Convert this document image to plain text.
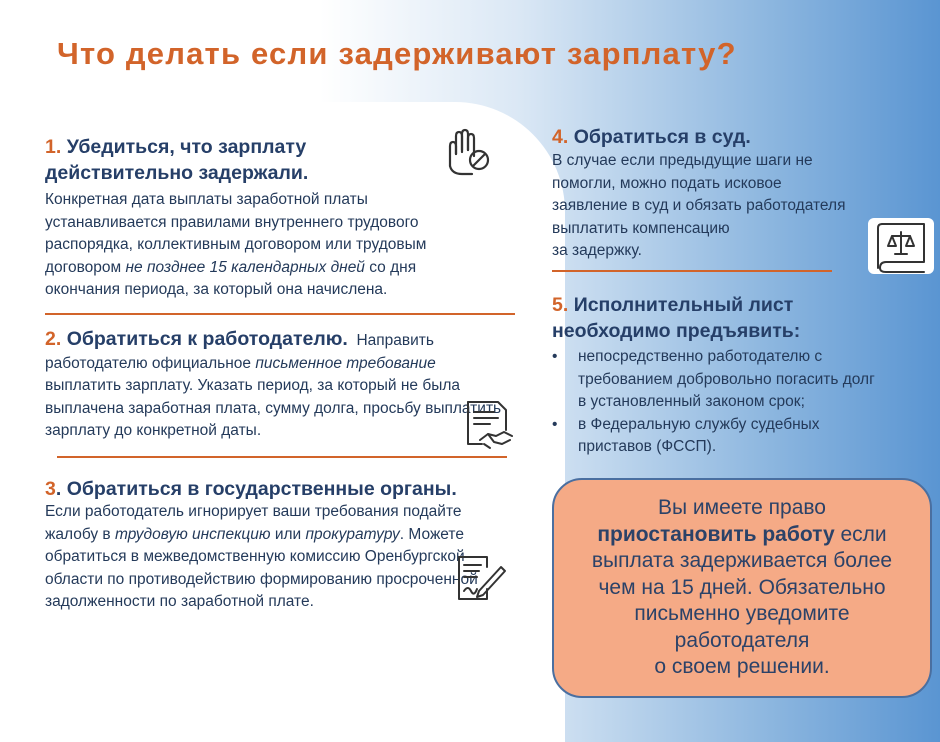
Что делать если задерживают зарплату?
1. Убедиться, что зарплату действительно задержали.
Конкретная дата выплаты заработной платы устанавливается правилами внутреннего трудового распорядка, коллективным договором или трудовым договором не позднее 15 календарных дней со дня окончания периода, за который она начислена.
2. Обратиться к работодателю. Направить работодателю официальное письменное требование выплатить зарплату. Указать период, за который не была выплачена заработная плата, сумму долга, просьбу выплатить зарплату до конкретной даты.
3. Обратиться в государственные органы.
Если работодатель игнорирует ваши требования подайте жалобу в трудовую инспекцию или прокуратуру. Можете обратиться в межведомственную комиссию Оренбургской области по противодействию формированию просроченной задолженности по заработной плате.
4. Обратиться в суд.
В случае если предыдущие шаги не
помогли, можно подать исковое
заявление в суд и обязать работодателя
выплатить компенсацию
за задержку.
5. Исполнительный лист необходимо предъявить:
• непосредственно работодателю с требованием добровольно погасить долг в установленный законом срок;
• в Федеральную службу судебных приставов (ФССП).
Вы имеете право
приостановить работу если
выплата задерживается более
чем на 15 дней. Обязательно
письменно уведомите
работодателя
о своем решении.
